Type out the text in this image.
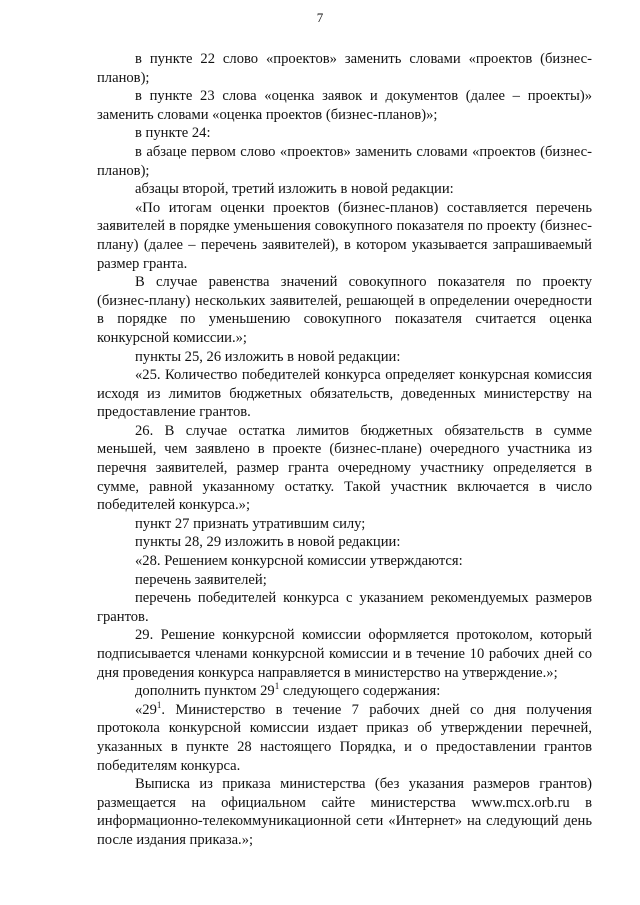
7

в пункте 22 слово «проектов» заменить словами «проектов (бизнес-планов);

в пункте 23 слова «оценка заявок и документов (далее – проекты)» заменить словами «оценка проектов (бизнес-планов)»;

в пункте 24:

в абзаце первом слово «проектов» заменить словами «проектов (бизнес-планов);

абзацы второй, третий изложить в новой редакции:

«По итогам оценки проектов (бизнес-планов) составляется перечень заявителей в порядке уменьшения совокупного показателя по проекту (бизнес-плану) (далее – перечень заявителей), в котором указывается запрашиваемый размер гранта.

В случае равенства значений совокупного показателя по проекту (бизнес-плану) нескольких заявителей, решающей в определении очередности в порядке по уменьшению совокупного показателя считается оценка конкурсной комиссии.»;

пункты 25, 26 изложить в новой редакции:

«25. Количество победителей конкурса определяет конкурсная комиссия исходя из лимитов бюджетных обязательств, доведенных министерству на предоставление грантов.

26. В случае остатка лимитов бюджетных обязательств в сумме меньшей, чем заявлено в проекте (бизнес-плане) очередного участника из перечня заявителей, размер гранта очередному участнику определяется в сумме, равной указанному остатку. Такой участник включается в число победителей конкурса.»;

пункт 27 признать утратившим силу;

пункты 28, 29 изложить в новой редакции:

«28. Решением конкурсной комиссии утверждаются:

перечень заявителей;

перечень победителей конкурса с указанием рекомендуемых размеров грантов.

29. Решение конкурсной комиссии оформляется протоколом, который подписывается членами конкурсной комиссии и в течение 10 рабочих дней со дня проведения конкурса направляется в министерство на утверждение.»;

дополнить пунктом $29^1$ следующего содержания:

«$29^1$. Министерство в течение 7 рабочих дней со дня получения протокола конкурсной комиссии издает приказ об утверждении перечней, указанных в пункте 28 настоящего Порядка, и о предоставлении грантов победителям конкурса.

Выписка из приказа министерства (без указания размеров грантов) размещается на официальном сайте министерства www.mcx.orb.ru в информационно-телекоммуникационной сети «Интернет» на следующий день после издания приказа.»;
